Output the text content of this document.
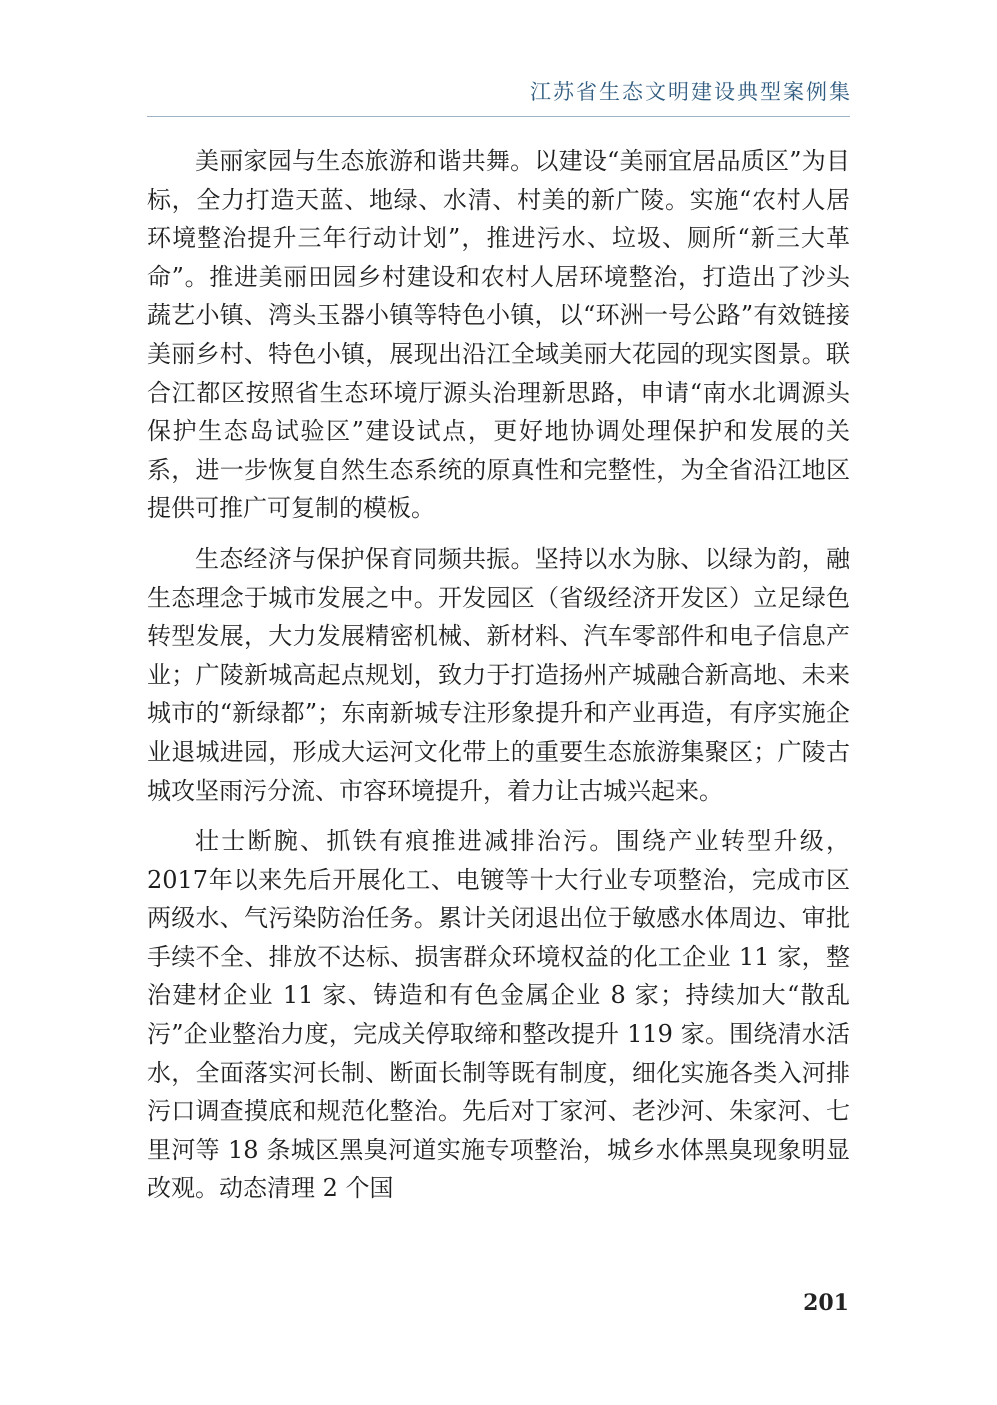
江苏省生态文明建设典型案例集

美丽家园与生态旅游和谐共舞。以建设“美丽宜居品质区”为目标，全力打造天蓝、地绿、水清、村美的新广陵。实施“农村人居环境整治提升三年行动计划”，推进污水、垃圾、厕所“新三大革命”。推进美丽田园乡村建设和农村人居环境整治，打造出了沙头蔬艺小镇、湾头玉器小镇等特色小镇，以“环洲一号公路”有效链接美丽乡村、特色小镇，展现出沿江全域美丽大花园的现实图景。联合江都区按照省生态环境厅源头治理新思路，申请“南水北调源头保护生态岛试验区”建设试点，更好地协调处理保护和发展的关系，进一步恢复自然生态系统的原真性和完整性，为全省沿江地区提供可推广可复制的模板。

生态经济与保护保育同频共振。坚持以水为脉、以绿为韵，融生态理念于城市发展之中。开发园区（省级经济开发区）立足绿色转型发展，大力发展精密机械、新材料、汽车零部件和电子信息产业；广陵新城高起点规划，致力于打造扬州产城融合新高地、未来城市的“新绿都”；东南新城专注形象提升和产业再造，有序实施企业退城进园，形成大运河文化带上的重要生态旅游集聚区；广陵古城攻坚雨污分流、市容环境提升，着力让古城兴起来。

壮士断腕、抓铁有痕推进减排治污。围绕产业转型升级，2017年以来先后开展化工、电镀等十大行业专项整治，完成市区两级水、气污染防治任务。累计关闭退出位于敏感水体周边、审批手续不全、排放不达标、损害群众环境权益的化工企业 11 家，整治建材企业 11 家、铸造和有色金属企业 8 家；持续加大“散乱污”企业整治力度，完成关停取缔和整改提升 119 家。围绕清水活水，全面落实河长制、断面长制等既有制度，细化实施各类入河排污口调查摸底和规范化整治。先后对丁家河、老沙河、朱家河、七里河等 18 条城区黑臭河道实施专项整治，城乡水体黑臭现象明显改观。动态清理 2 个国

201
